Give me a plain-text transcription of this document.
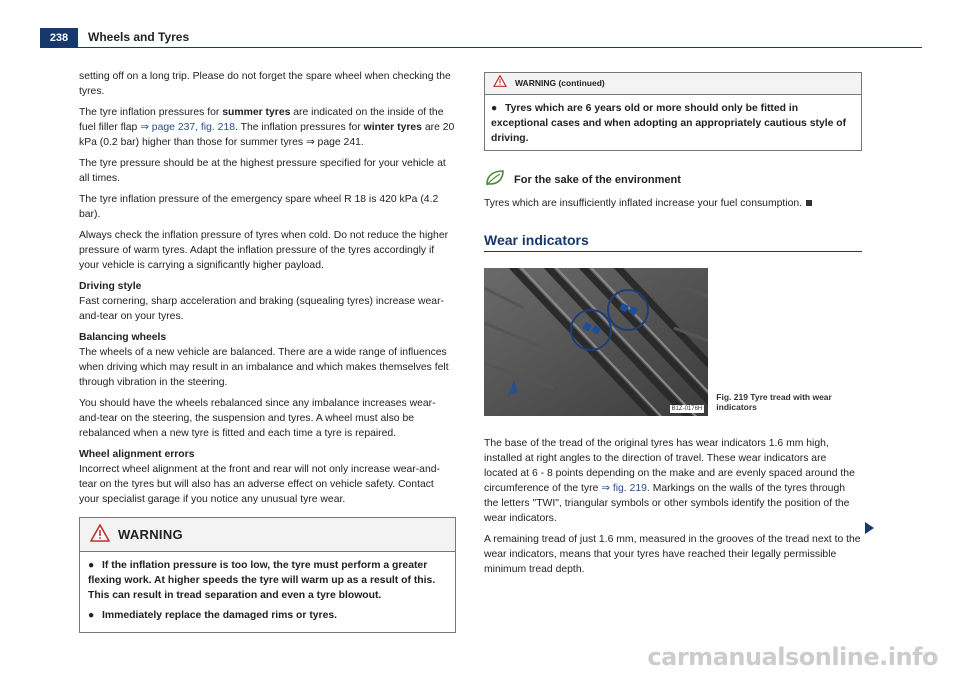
238	Wheels and Tyres

setting off on a long trip. Please do not forget the spare wheel when checking the tyres.

The tyre inflation pressures for summer tyres are indicated on the inside of the fuel filler flap ⇒ page 237, fig. 218. The inflation pressures for winter tyres are 20 kPa (0.2 bar) higher than those for summer tyres ⇒ page 241.

The tyre pressure should be at the highest pressure specified for your vehicle at all times.

The tyre inflation pressure of the emergency spare wheel R 18 is 420 kPa (4.2 bar).

Always check the inflation pressure of tyres when cold. Do not reduce the higher pressure of warm tyres. Adapt the inflation pressure of the tyres accordingly if your vehicle is carrying a significantly higher payload.

Driving style

Fast cornering, sharp acceleration and braking (squealing tyres) increase wear-and-tear on your tyres.

Balancing wheels

The wheels of a new vehicle are balanced. There are a wide range of influences when driving which may result in an imbalance and which makes themselves felt through vibration in the steering.

You should have the wheels rebalanced since any imbalance increases wear-and-tear on the steering, the suspension and tyres. A wheel must also be rebalanced when a new tyre is fitted and each time a tyre is repaired.

Wheel alignment errors

Incorrect wheel alignment at the front and rear will not only increase wear-and-tear on the tyres but will also has an adverse effect on vehicle safety. Contact your specialist garage if you notice any unusual tyre wear.

WARNING

● If the inflation pressure is too low, the tyre must perform a greater flexing work. At higher speeds the tyre will warm up as a result of this. This can result in tread separation and even a tyre blowout.

● Immediately replace the damaged rims or tyres.

WARNING (continued)

● Tyres which are 6 years old or more should only be fitted in exceptional cases and when adopting an appropriately cautious style of driving.

For the sake of the environment

Tyres which are insufficiently inflated increase your fuel consumption.

Wear indicators
B1Z-0176H
Fig. 219 Tyre tread with wear indicators

The base of the tread of the original tyres has wear indicators 1.6 mm high, installed at right angles to the direction of travel. These wear indicators are located at 6 - 8 points depending on the make and are evenly spaced around the circumference of the tyre ⇒ fig. 219. Markings on the walls of the tyres through the letters "TWI", triangular symbols or other symbols identify the position of the wear indicators.

A remaining tread of just 1.6 mm, measured in the grooves of the tread next to the wear indicators, means that your tyres have reached their legally permissible minimum tread depth.

carmanualsonline.info
